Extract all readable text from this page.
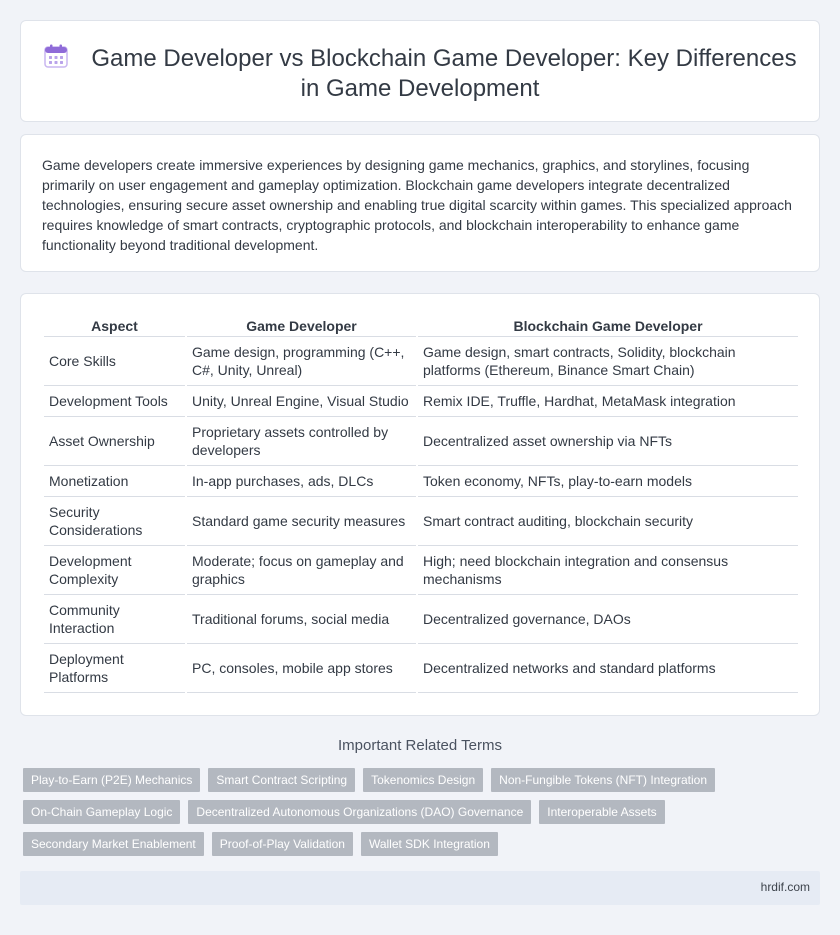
Game Developer vs Blockchain Game Developer: Key Differences in Game Development

Game developers create immersive experiences by designing game mechanics, graphics, and storylines, focusing primarily on user engagement and gameplay optimization. Blockchain game developers integrate decentralized technologies, ensuring secure asset ownership and enabling true digital scarcity within games. This specialized approach requires knowledge of smart contracts, cryptographic protocols, and blockchain interoperability to enhance game functionality beyond traditional development.

Aspect	Game Developer	Blockchain Game Developer
Core Skills	Game design, programming (C++, C#, Unity, Unreal)	Game design, smart contracts, Solidity, blockchain platforms (Ethereum, Binance Smart Chain)
Development Tools	Unity, Unreal Engine, Visual Studio	Remix IDE, Truffle, Hardhat, MetaMask integration
Asset Ownership	Proprietary assets controlled by developers	Decentralized asset ownership via NFTs
Monetization	In-app purchases, ads, DLCs	Token economy, NFTs, play-to-earn models
Security Considerations	Standard game security measures	Smart contract auditing, blockchain security
Development Complexity	Moderate; focus on gameplay and graphics	High; need blockchain integration and consensus mechanisms
Community Interaction	Traditional forums, social media	Decentralized governance, DAOs
Deployment Platforms	PC, consoles, mobile app stores	Decentralized networks and standard platforms
Important Related Terms
Play-to-Earn (P2E) Mechanics	Smart Contract Scripting	Tokenomics Design	Non-Fungible Tokens (NFT) Integration
On-Chain Gameplay Logic	Decentralized Autonomous Organizations (DAO) Governance	Interoperable Assets
Secondary Market Enablement	Proof-of-Play Validation	Wallet SDK Integration
hrdif.com
